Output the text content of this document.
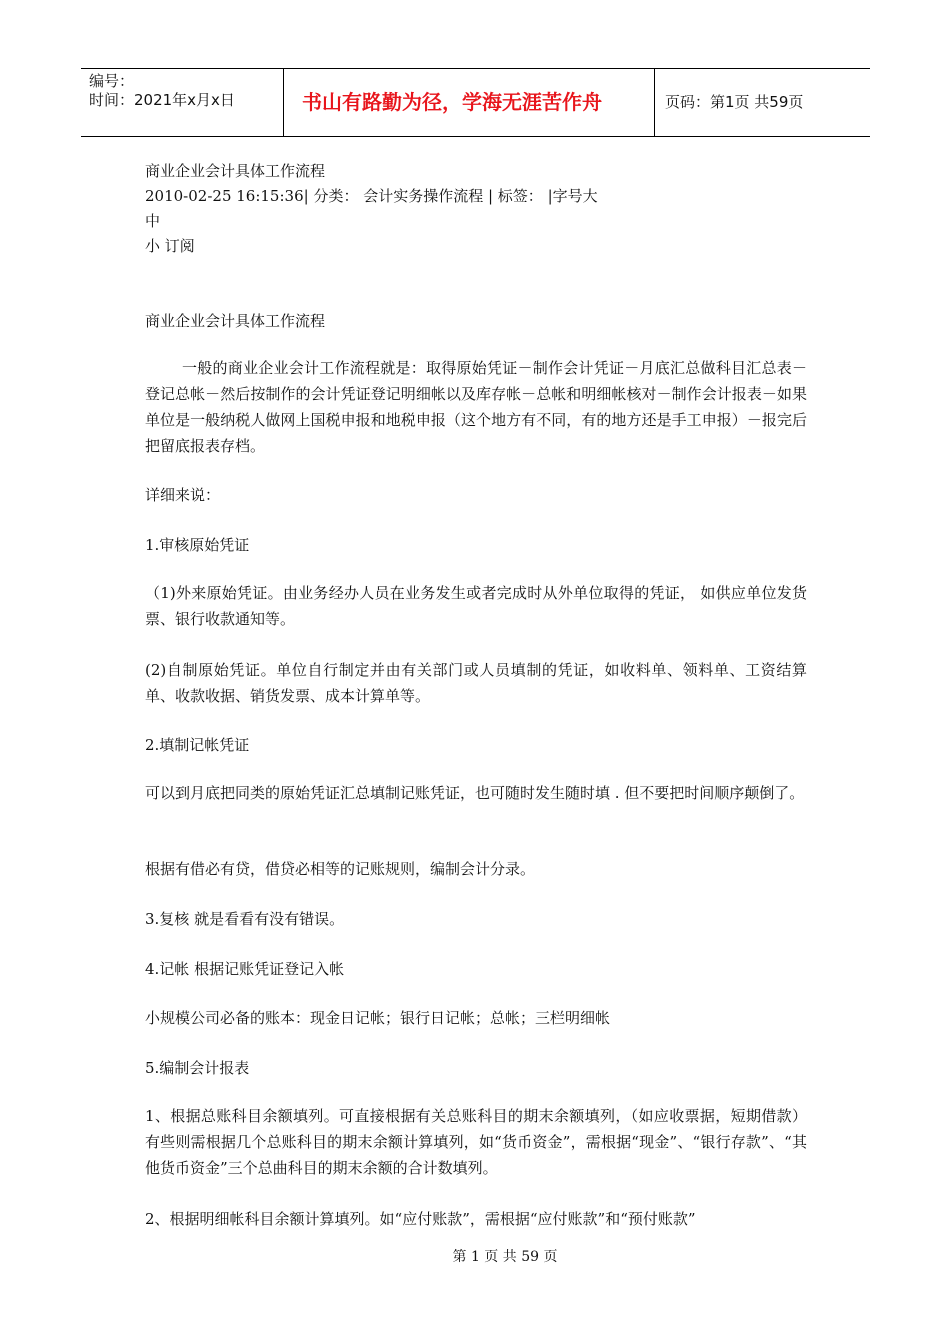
编号：
时间：2021年x月x日	书山有路勤为径，学海无涯苦作舟	页码：第1页 共59页
商业企业会计具体工作流程
2010-02-25 16:15:36| 分类： 会计实务操作流程 | 标签： |字号大
中
小 订阅
商业企业会计具体工作流程
一般的商业企业会计工作流程就是：取得原始凭证－制作会计凭证－月底汇总做科目汇总表－登记总帐－然后按制作的会计凭证登记明细帐以及库存帐－总帐和明细帐核对－制作会计报表－如果单位是一般纳税人做网上国税申报和地税申报（这个地方有不同，有的地方还是手工申报）－报完后把留底报表存档。
详细来说：
1.审核原始凭证
（1)外来原始凭证。由业务经办人员在业务发生或者完成时从外单位取得的凭证， 如供应单位发货票、银行收款通知等。
(2)自制原始凭证。单位自行制定并由有关部门或人员填制的凭证，如收料单、领料单、工资结算单、收款收据、销货发票、成本计算单等。
2.填制记帐凭证
可以到月底把同类的原始凭证汇总填制记账凭证，也可随时发生随时填 . 但不要把时间顺序颠倒了。
根据有借必有贷，借贷必相等的记账规则，编制会计分录。
3.复核 就是看看有没有错误。
4.记帐 根据记账凭证登记入帐
小规模公司必备的账本：现金日记帐；银行日记帐；总帐；三栏明细帐
5.编制会计报表
1、根据总账科目余额填列。可直接根据有关总账科目的期末余额填列，（如应收票据，短期借款）有些则需根据几个总账科目的期末余额计算填列，如“货币资金”，需根据“现金”、“银行存款”、“其他货币资金”三个总曲科目的期末余额的合计数填列。
2、根据明细帐科目余额计算填列。如“应付账款”，需根据“应付账款”和“预付账款”
第 1 页 共 59 页
